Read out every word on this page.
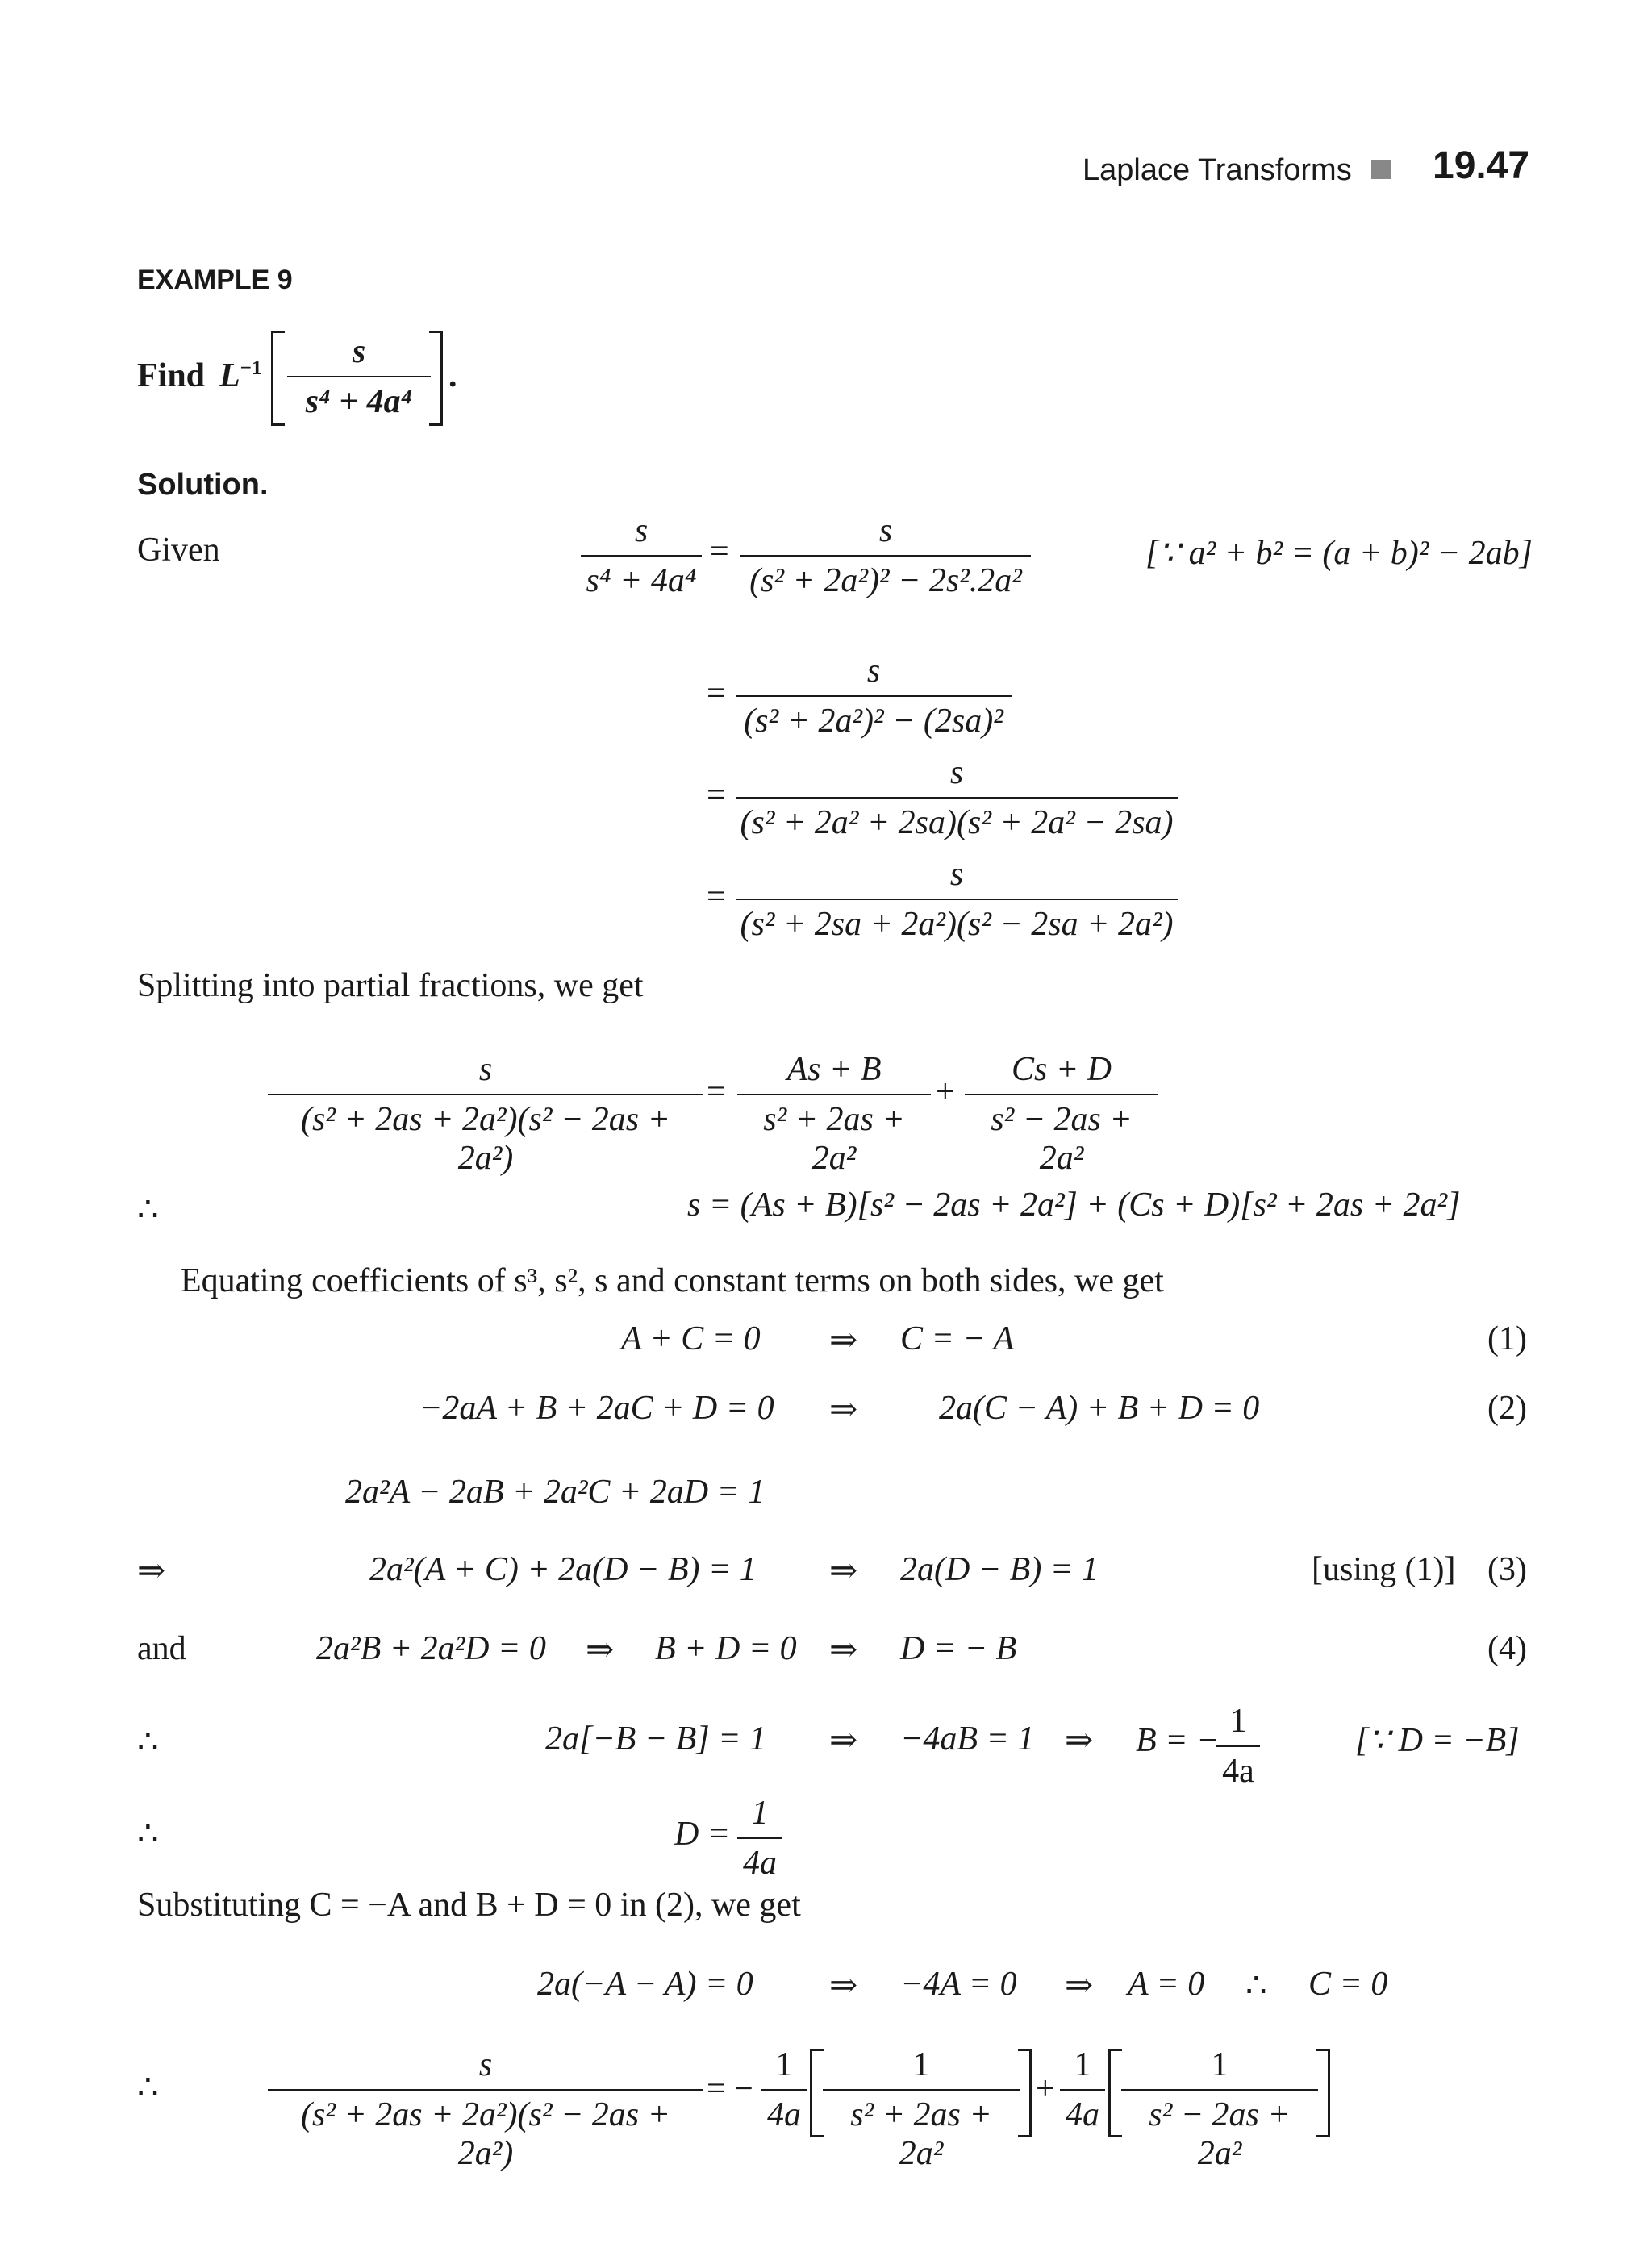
Laplace Transforms 19.47
EXAMPLE 9
Find $L^{-1} \frac{s}{\text{s⁴ + 4a⁴}}$ .
Solution.
Given	$\frac{s}{\text{s⁴ + 4a⁴}} = \frac{s}{\text{(s² + 2a²)² − 2s².2a²}}$	[∵ a² + b² = (a + b)² − 2ab]
= $\frac{s}{\text{(s² + 2a²)² − (2sa)²}}$
= $\frac{s}{\text{(s² + 2a² + 2sa)(s² + 2a² − 2sa)}}$
= $\frac{s}{\text{(s² + 2sa + 2a²)(s² − 2sa + 2a²)}}$
Splitting into partial fractions, we get
$\frac{s}{\text{(s² + 2as + 2a²)(s² − 2as + 2a²)}} = \frac{As + B}{\text{s² + 2as + 2a²}} + \frac{Cs + D}{\text{s² − 2as + 2a²}}$
∴	s = (As + B)[s² − 2as + 2a²] + (Cs + D)[s² + 2as + 2a²]
Equating coefficients of s³, s², s and constant terms on both sides, we get
A + C = 0 ⇒ C = − A	(1)
−2aA + B + 2aC + D = 0 ⇒ 2a(C − A) + B + D = 0	(2)
2a²A − 2aB + 2a²C + 2aD = 1
⇒	2a²(A + C) + 2a(D − B) = 1 ⇒ 2a(D − B) = 1	[using (1)] (3)
and	2a²B + 2a²D = 0 ⇒ B + D = 0 ⇒ D = − B	(4)
∴	2a[−B − B] = 1 ⇒ −4aB = 1 ⇒ B = −
$\frac{1}{4a}$	[∵ D = −B]
∴	$D = \frac{1}{4a}$
Substituting C = −A and B + D = 0 in (2), we get
2a(−A − A) = 0 ⇒ −4A = 0 ⇒ A = 0 ∴ C = 0
∴	$\frac{s}{\text{(s² + 2as + 2a²)(s² − 2as + 2a²)}}$ = − $\frac{1}{4a} \frac{1}{\text{s² + 2as + 2a²}} + \frac{1}{4a} \frac{1}{\text{s² − 2as + 2a²}}$
